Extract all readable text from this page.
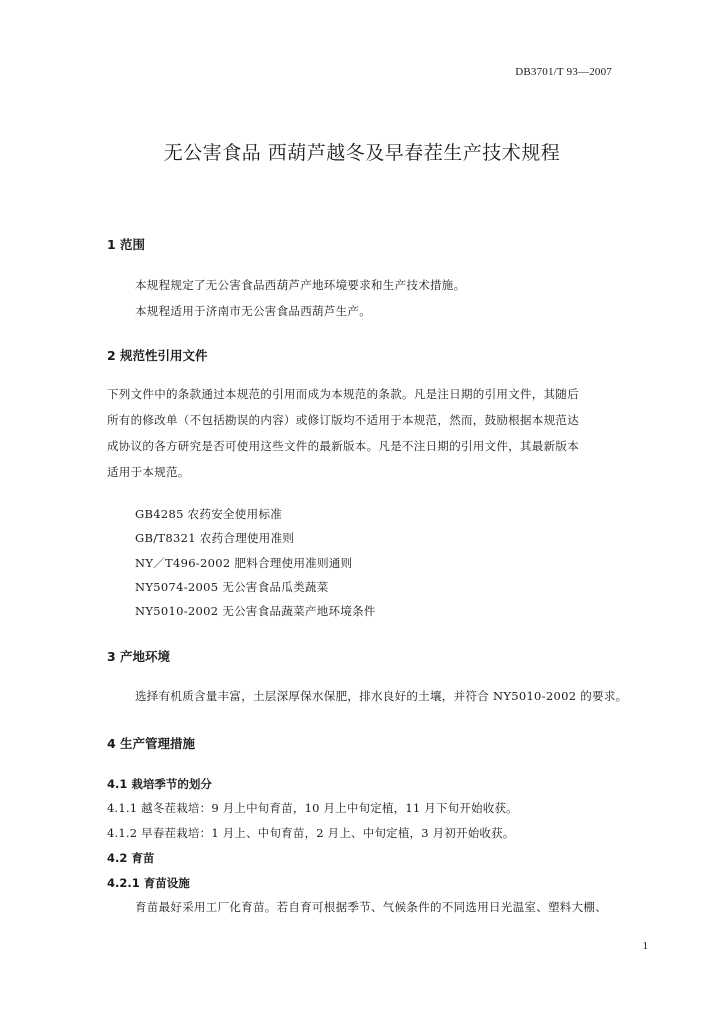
DB3701/T 93—2007
无公害食品 西葫芦越冬及早春茬生产技术规程
1 范围
本规程规定了无公害食品西葫芦产地环境要求和生产技术措施。
本规程适用于济南市无公害食品西葫芦生产。
2 规范性引用文件
下列文件中的条款通过本规范的引用而成为本规范的条款。凡是注日期的引用文件，其随后
所有的修改单（不包括勘误的内容）或修订版均不适用于本规范，然而，鼓励根据本规范达
成协议的各方研究是否可使用这些文件的最新版本。凡是不注日期的引用文件，其最新版本
适用于本规范。
GB4285 农药安全使用标准
GB/T8321 农药合理使用准则
NY／T496-2002 肥料合理使用准则通则
NY5074-2005 无公害食品瓜类蔬菜
NY5010-2002 无公害食品蔬菜产地环境条件
3 产地环境
选择有机质含量丰富，土层深厚保水保肥，排水良好的土壤，并符合 NY5010-2002 的要求。
4 生产管理措施
4.1 栽培季节的划分
4.1.1 越冬茬栽培：9 月上中旬育苗，10 月上中旬定植，11 月下旬开始收获。
4.1.2 早春茬栽培：1 月上、中旬育苗，2 月上、中旬定植，3 月初开始收获。
4.2 育苗
4.2.1 育苗设施
育苗最好采用工厂化育苗。若自育可根据季节、气候条件的不同选用日光温室、塑料大棚、
1
